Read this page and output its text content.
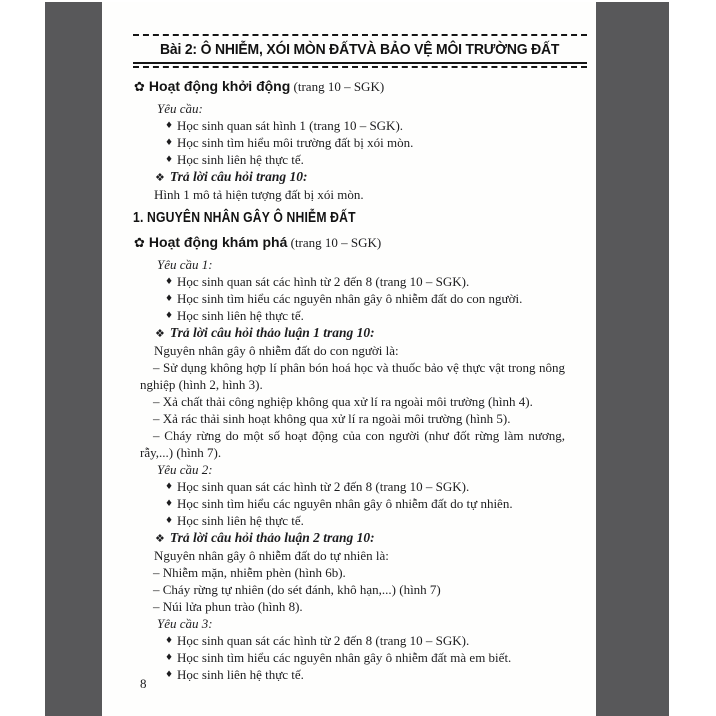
Bài 2: Ô NHIỄM, XÓI MÒN ĐẤTVÀ BẢO VỆ MÔI TRƯỜNG ĐẤT
✿ Hoạt động khởi động (trang 10 – SGK)
Yêu cầu:
♦ Học sinh quan sát hình 1 (trang 10 – SGK).
♦ Học sinh tìm hiểu môi trường đất bị xói mòn.
♦ Học sinh liên hệ thực tế.
❖ Trả lời câu hỏi trang 10:
Hình 1 mô tả hiện tượng đất bị xói mòn.
1. NGUYÊN NHÂN GÂY Ô NHIỄM ĐẤT
✿ Hoạt động khám phá (trang 10 – SGK)
Yêu cầu 1:
♦ Học sinh quan sát các hình từ 2 đến 8 (trang 10 – SGK).
♦ Học sinh tìm hiểu các nguyên nhân gây ô nhiễm đất do con người.
♦ Học sinh liên hệ thực tế.
❖ Trả lời câu hỏi thảo luận 1 trang 10:
Nguyên nhân gây ô nhiễm đất do con người là:
– Sử dụng không hợp lí phân bón hoá học và thuốc bảo vệ thực vật trong nông nghiệp (hình 2, hình 3).
– Xả chất thải công nghiệp không qua xử lí ra ngoài môi trường (hình 4).
– Xả rác thải sinh hoạt không qua xử lí ra ngoài môi trường (hình 5).
– Cháy rừng do một số hoạt động của con người (như đốt rừng làm nương, rẫy,...) (hình 7).
Yêu cầu 2:
♦ Học sinh quan sát các hình từ 2 đến 8 (trang 10 – SGK).
♦ Học sinh tìm hiểu các nguyên nhân gây ô nhiễm đất do tự nhiên.
♦ Học sinh liên hệ thực tế.
❖ Trả lời câu hỏi thảo luận 2 trang 10:
Nguyên nhân gây ô nhiễm đất do tự nhiên là:
– Nhiễm mặn, nhiễm phèn (hình 6b).
– Cháy rừng tự nhiên (do sét đánh, khô hạn,...) (hình 7)
– Núi lửa phun trào (hình 8).
Yêu cầu 3:
♦ Học sinh quan sát các hình từ 2 đến 8 (trang 10 – SGK).
♦ Học sinh tìm hiểu các nguyên nhân gây ô nhiễm đất mà em biết.
♦ Học sinh liên hệ thực tế.
8
